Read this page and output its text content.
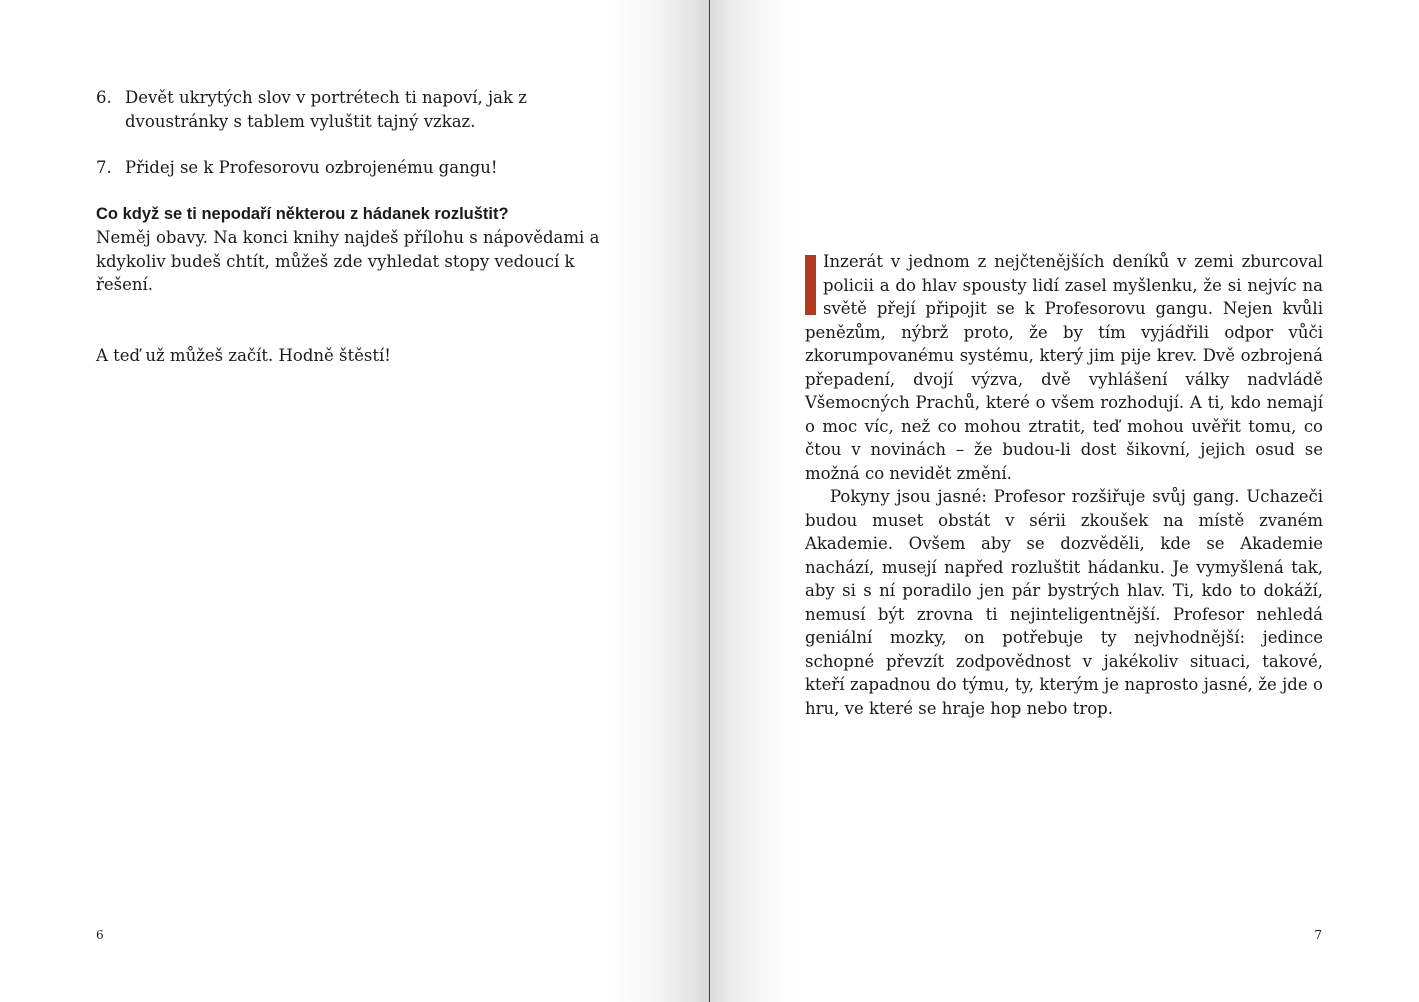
6. Devět ukrytých slov v portrétech ti napoví, jak z dvoustránky s tablem vyluštit tajný vzkaz.
7. Přidej se k Profesorovu ozbrojenému gangu!
Co když se ti nepodaří některou z hádanek rozluštit?

Neměj obavy. Na konci knihy najdeš přílohu s nápovědami a kdykoliv budeš chtít, můžeš zde vyhledat stopy vedoucí k řešení.

A teď už můžeš začít. Hodně štěstí!

6

Inzerát v jednom z nejčtenějších deníků v zemi zburcoval policii a do hlav spousty lidí zasel myšlenku, že si nejvíc na světě přejí připojit se k Profesorovu gangu. Nejen kvůli penězům, nýbrž proto, že by tím vyjádřili odpor vůči zkorumpovanému systému, který jim pije krev. Dvě ozbrojená přepadení, dvojí výzva, dvě vyhlášení války nadvládě Všemocných Prachů, které o všem rozhodují. A ti, kdo nemají o moc víc, než co mohou ztratit, teď mohou uvěřit tomu, co čtou v novinách – že budou-li dost šikovní, jejich osud se možná co nevidět změní.

Pokyny jsou jasné: Profesor rozšiřuje svůj gang. Uchazeči budou muset obstát v sérii zkoušek na místě zvaném Akademie. Ovšem aby se dozvěděli, kde se Akademie nachází, musejí napřed rozluštit hádanku. Je vymyšlená tak, aby si s ní poradilo jen pár bystrých hlav. Ti, kdo to dokáží, nemusí být zrovna ti nejinteligentnější. Profesor nehledá geniální mozky, on potřebuje ty nejvhodnější: jedince schopné převzít zodpovědnost v jakékoliv situaci, takové, kteří zapadnou do týmu, ty, kterým je naprosto jasné, že jde o hru, ve které se hraje hop nebo trop.

7
